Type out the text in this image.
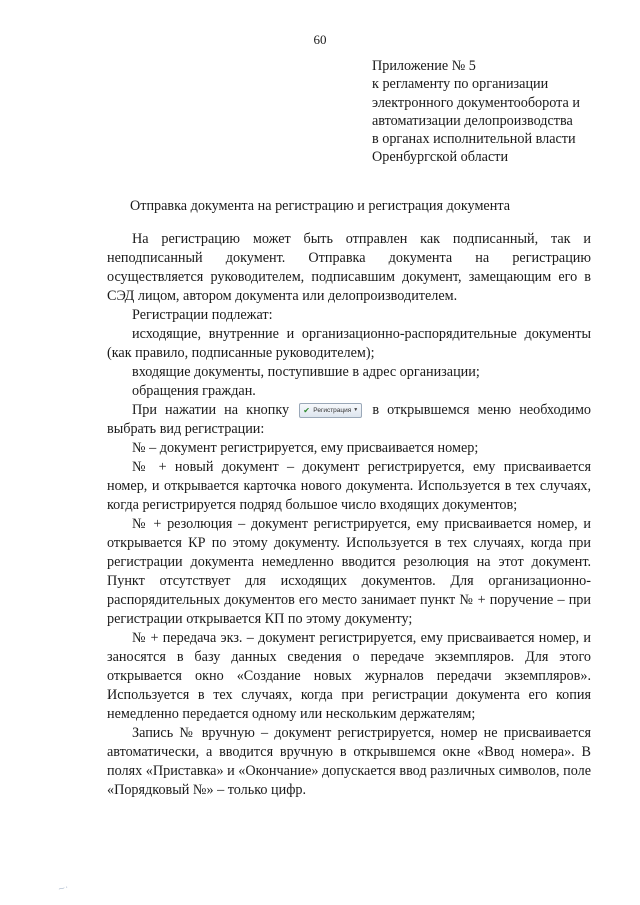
60
Приложение № 5
к регламенту по организации
электронного документооборота и
автоматизации делопроизводства
в органах исполнительной власти
Оренбургской области
Отправка документа на регистрацию и регистрация документа

На регистрацию может быть отправлен как подписанный, так и неподписанный документ. Отправка документа на регистрацию осуществляется руководителем, подписавшим документ, замещающим его в СЭД лицом, автором документа или делопроизводителем.

Регистрации подлежат:

исходящие, внутренние и организационно-распорядительные документы (как правило, подписанные руководителем);

входящие документы, поступившие в адрес организации;

обращения граждан.

При нажатии на кнопку ✔ Регистрация ▼ в открывшемся меню необходимо выбрать вид регистрации:

№ – документ регистрируется, ему присваивается номер;

№ + новый документ – документ регистрируется, ему присваивается номер, и открывается карточка нового документа. Используется в тех случаях, когда регистрируется подряд большое число входящих документов;

№ + резолюция – документ регистрируется, ему присваивается номер, и открывается КР по этому документу. Используется в тех случаях, когда при регистрации документа немедленно вводится резолюция на этот документ. Пункт отсутствует для исходящих документов. Для организационно-распорядительных документов его место занимает пункт № + поручение – при регистрации открывается КП по этому документу;

№ + передача экз. – документ регистрируется, ему присваивается номер, и заносятся в базу данных сведения о передаче экземпляров. Для этого открывается окно «Создание новых журналов передачи экземпляров». Используется в тех случаях, когда при регистрации документа его копия немедленно передается одному или нескольким держателям;

Запись № вручную – документ регистрируется, номер не присваивается автоматически, а вводится вручную в открывшемся окне «Ввод номера». В полях «Приставка» и «Окончание» допускается ввод различных символов, поле «Порядковый №» – только цифр.

~·
